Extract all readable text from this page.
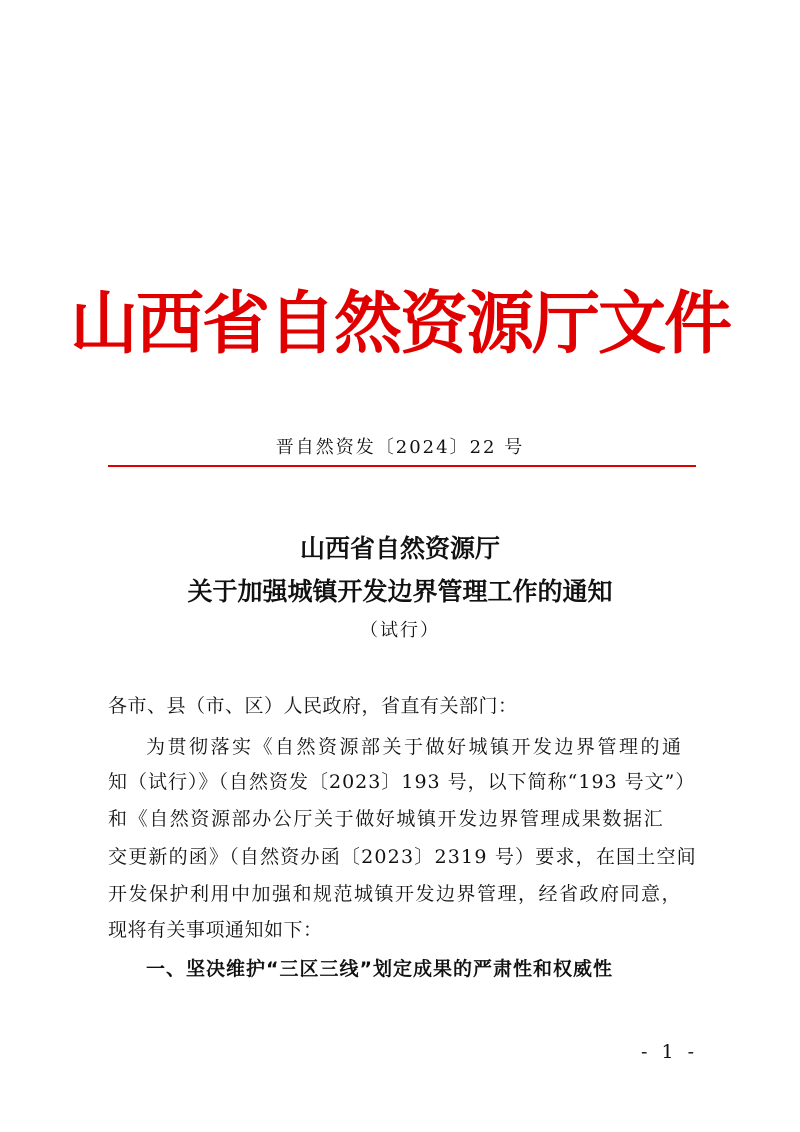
山西省自然资源厅文件
晋自然资发〔2024〕22 号
山西省自然资源厅
关于加强城镇开发边界管理工作的通知
（试行）
各市、县（市、区）人民政府，省直有关部门：
为贯彻落实《自然资源部关于做好城镇开发边界管理的通
知（试行）》（自然资发〔2023〕193 号，以下简称“193 号文”）
和《自然资源部办公厅关于做好城镇开发边界管理成果数据汇
交更新的函》（自然资办函〔2023〕2319 号）要求，在国土空间
开发保护利用中加强和规范城镇开发边界管理，经省政府同意，
现将有关事项通知如下：
一、坚决维护“三区三线”划定成果的严肃性和权威性
- 1 -
